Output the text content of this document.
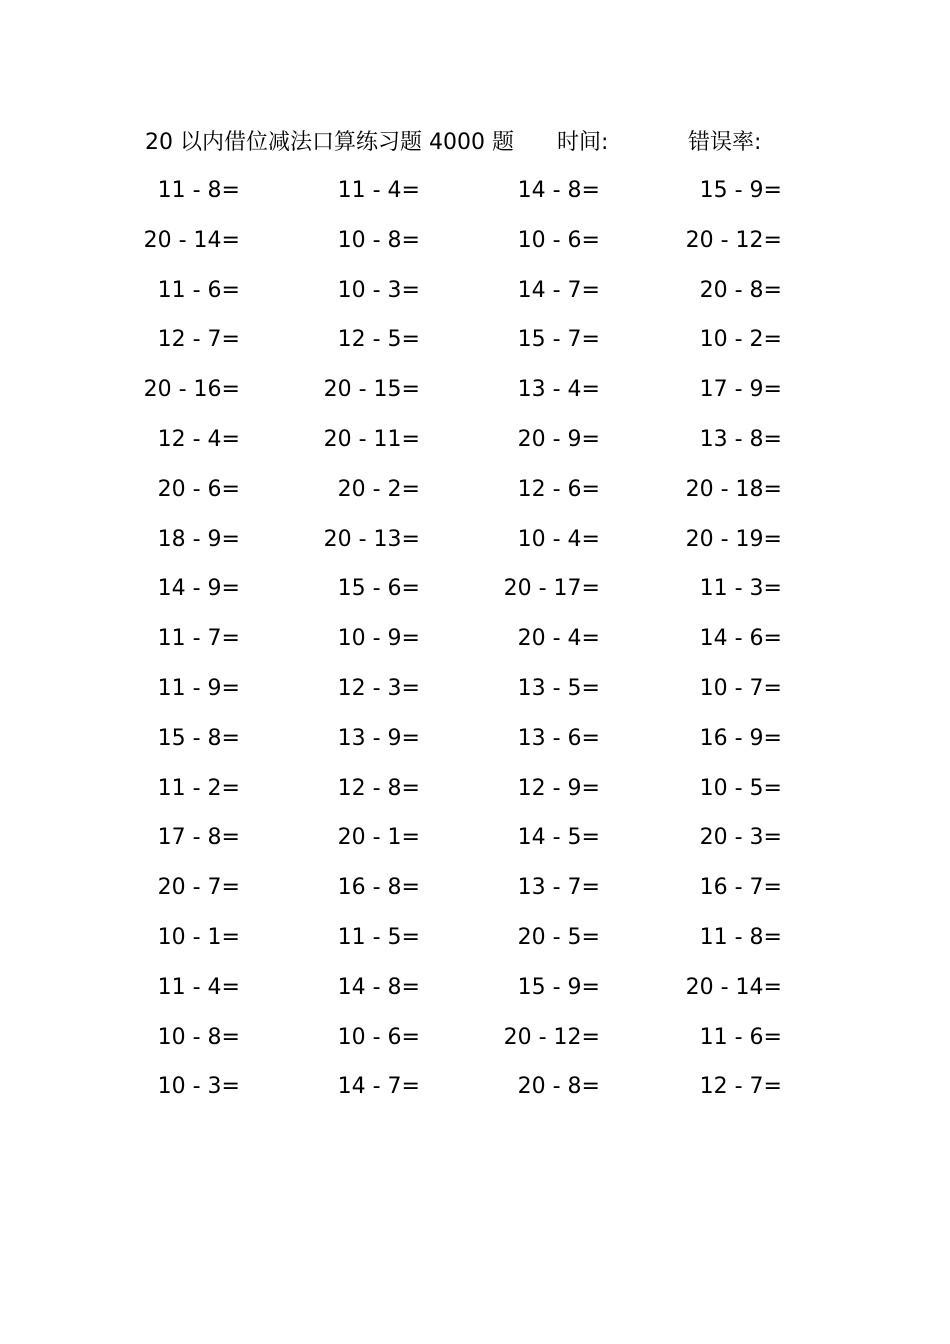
20 以内借位减法口算练习题 4000 题 时间:	错误率:
11 - 8=	11 - 4=	14 - 8=	15 - 9=
20 - 14=	10 - 8=	10 - 6=	20 - 12=
11 - 6=	10 - 3=	14 - 7=	20 - 8=
12 - 7=	12 - 5=	15 - 7=	10 - 2=
20 - 16=	20 - 15=	13 - 4=	17 - 9=
12 - 4=	20 - 11=	20 - 9=	13 - 8=
20 - 6=	20 - 2=	12 - 6=	20 - 18=
18 - 9=	20 - 13=	10 - 4=	20 - 19=
14 - 9=	15 - 6=	20 - 17=	11 - 3=
11 - 7=	10 - 9=	20 - 4=	14 - 6=
11 - 9=	12 - 3=	13 - 5=	10 - 7=
15 - 8=	13 - 9=	13 - 6=	16 - 9=
11 - 2=	12 - 8=	12 - 9=	10 - 5=
17 - 8=	20 - 1=	14 - 5=	20 - 3=
20 - 7=	16 - 8=	13 - 7=	16 - 7=
10 - 1=	11 - 5=	20 - 5=	11 - 8=
11 - 4=	14 - 8=	15 - 9=	20 - 14=
10 - 8=	10 - 6=	20 - 12=	11 - 6=
10 - 3=	14 - 7=	20 - 8=	12 - 7=
